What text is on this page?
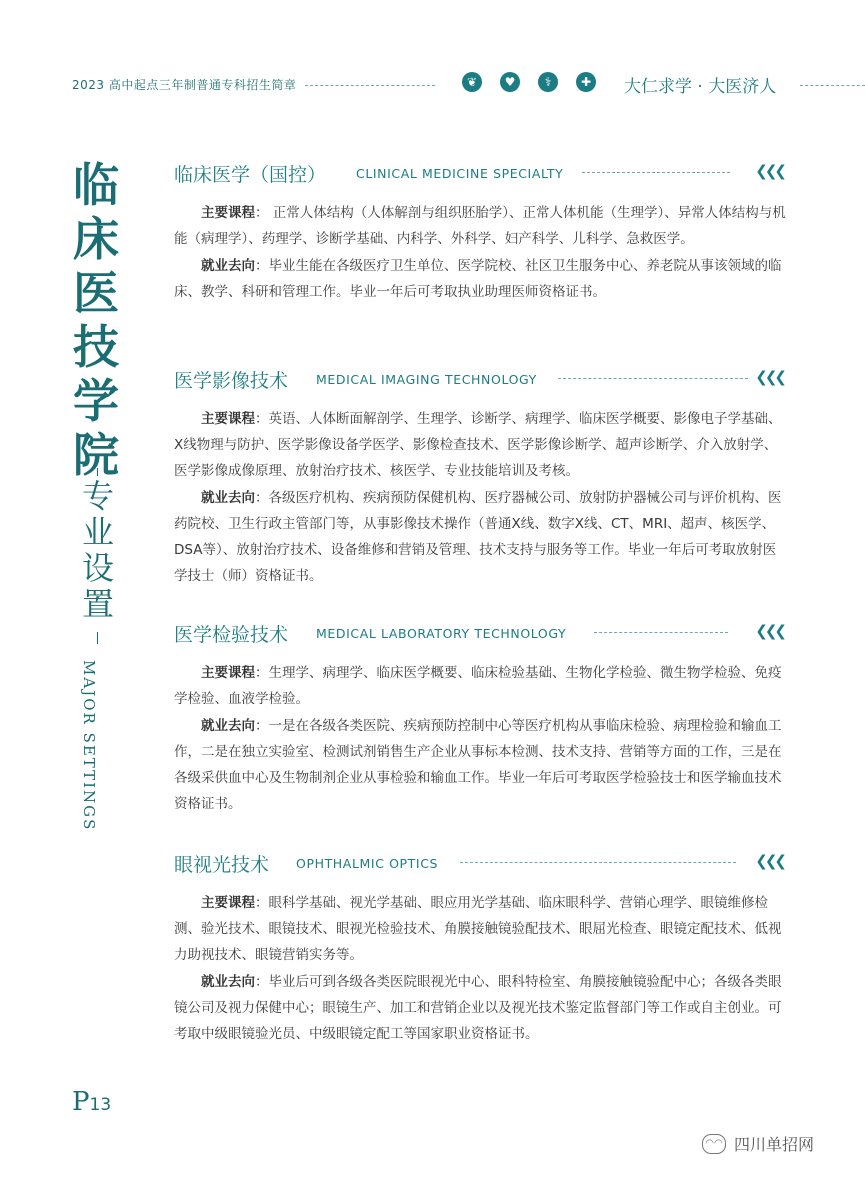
2023 高中起点三年制普通专科招生简章	❦	♥	⚕	✚ 大仁求学 · 大医济人
临
床
医
技
学
院
专
业
设
置
MAJOR SETTINGS
临床医学（国控） CLINICAL MEDICINE SPECIALTY	❮❮❮

主要课程： 正常人体结构（人体解剖与组织胚胎学）、正常人体机能（生理学）、异常人体结构与机能（病理学）、药理学、诊断学基础、内科学、外科学、妇产科学、儿科学、急救医学。

就业去向：毕业生能在各级医疗卫生单位、医学院校、社区卫生服务中心、养老院从事该领域的临床、教学、科研和管理工作。毕业一年后可考取执业助理医师资格证书。

医学影像技术 MEDICAL IMAGING TECHNOLOGY	❮❮❮

主要课程：英语、人体断面解剖学、生理学、诊断学、病理学、临床医学概要、影像电子学基础、X线物理与防护、医学影像设备学医学、影像检查技术、医学影像诊断学、超声诊断学、介入放射学、医学影像成像原理、放射治疗技术、核医学、专业技能培训及考核。

就业去向：各级医疗机构、疾病预防保健机构、医疗器械公司、放射防护器械公司与评价机构、医药院校、卫生行政主管部门等，从事影像技术操作（普通X线、数字X线、CT、MRI、超声、核医学、DSA等）、放射治疗技术、设备维修和营销及管理、技术支持与服务等工作。毕业一年后可考取放射医学技士（师）资格证书。

医学检验技术 MEDICAL LABORATORY TECHNOLOGY	❮❮❮

主要课程：生理学、病理学、临床医学概要、临床检验基础、生物化学检验、微生物学检验、免疫学检验、血液学检验。

就业去向：一是在各级各类医院、疾病预防控制中心等医疗机构从事临床检验、病理检验和输血工作，二是在独立实验室、检测试剂销售生产企业从事标本检测、技术支持、营销等方面的工作，三是在各级采供血中心及生物制剂企业从事检验和输血工作。毕业一年后可考取医学检验技士和医学输血技术资格证书。

眼视光技术 OPHTHALMIC OPTICS	❮❮❮

主要课程：眼科学基础、视光学基础、眼应用光学基础、临床眼科学、营销心理学、眼镜维修检测、验光技术、眼镜技术、眼视光检验技术、角膜接触镜验配技术、眼屈光检查、眼镜定配技术、低视力助视技术、眼镜营销实务等。

就业去向：毕业后可到各级各类医院眼视光中心、眼科特检室、角膜接触镜验配中心；各级各类眼镜公司及视力保健中心；眼镜生产、加工和营销企业以及视光技术鉴定监督部门等工作或自主创业。可考取中级眼镜验光员、中级眼镜定配工等国家职业资格证书。

P13
◠◠ 四川单招网
